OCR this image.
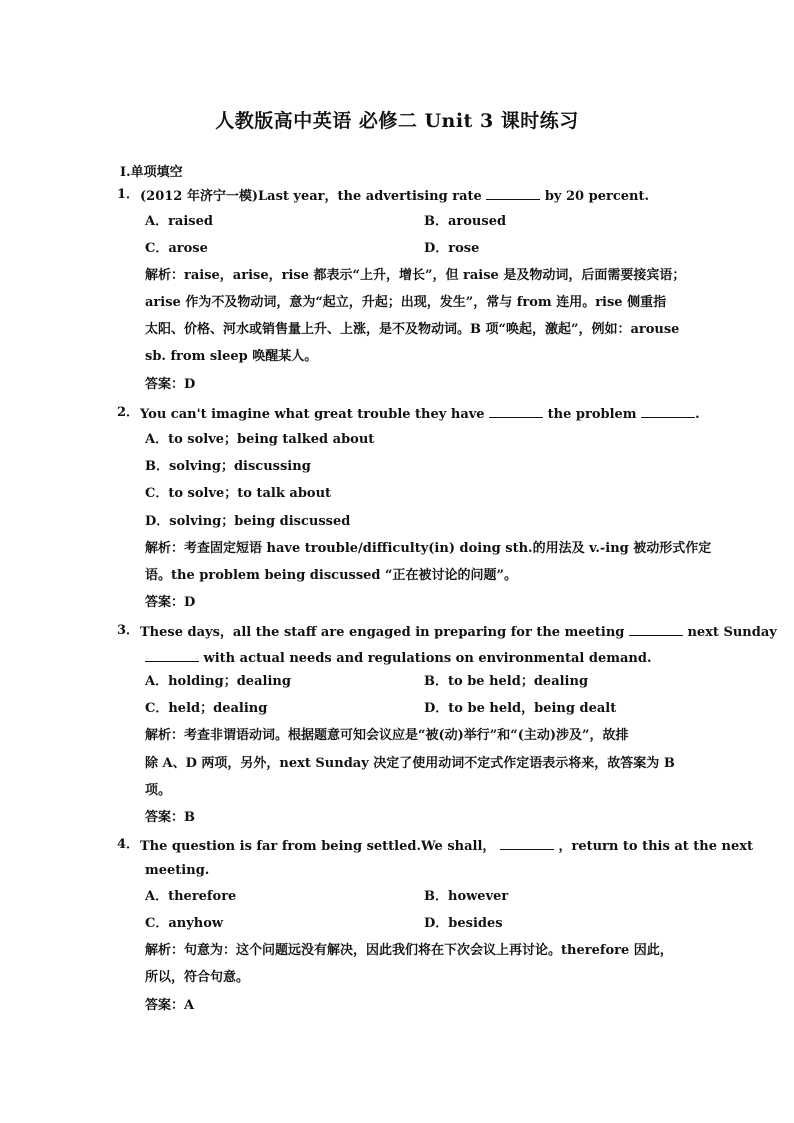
人教版高中英语 必修二 Unit 3 课时练习
Ⅰ.单项填空
1． (2012 年济宁一模)Last year，the advertising rate	by 20 percent.
A．raised	B．aroused
C．arose	D．rose
解析：raise，arise，rise 都表示“上升，增长”，但 raise 是及物动词，后面需要接宾语；
arise 作为不及物动词，意为“起立，升起；出现，发生”，常与 from 连用。rise 侧重指
太阳、价格、河水或销售量上升、上涨，是不及物动词。B 项“唤起，激起”，例如：arouse
sb. from sleep 唤醒某人。
答案：D
2． You can't imagine what great trouble they have	the problem	.
A．to solve；being talked about
B．solving；discussing
C．to solve；to talk about
D．solving；being discussed
解析：考查固定短语 have trouble/difficulty(in) doing sth.的用法及 v.-ing 被动形式作定
语。the problem being discussed “正在被讨论的问题”。
答案：D
3． These days，all the staff are engaged in preparing for the meeting	next Sunday
with actual needs and regulations on environmental demand.
A．holding；dealing	B．to be held；dealing
C．held；dealing	D．to be held，being dealt
解析：考查非谓语动词。根据题意可知会议应是“被(动)举行”和“(主动)涉及”，故排
除 A、D 两项，另外，next Sunday 决定了使用动词不定式作定语表示将来，故答案为 B
项。
答案：B
4． The question is far from being settled.We shall，	，return to this at the next
meeting.
A．therefore	B．however
C．anyhow	D．besides
解析：句意为：这个问题远没有解决，因此我们将在下次会议上再讨论。therefore 因此，
所以，符合句意。
答案：A
